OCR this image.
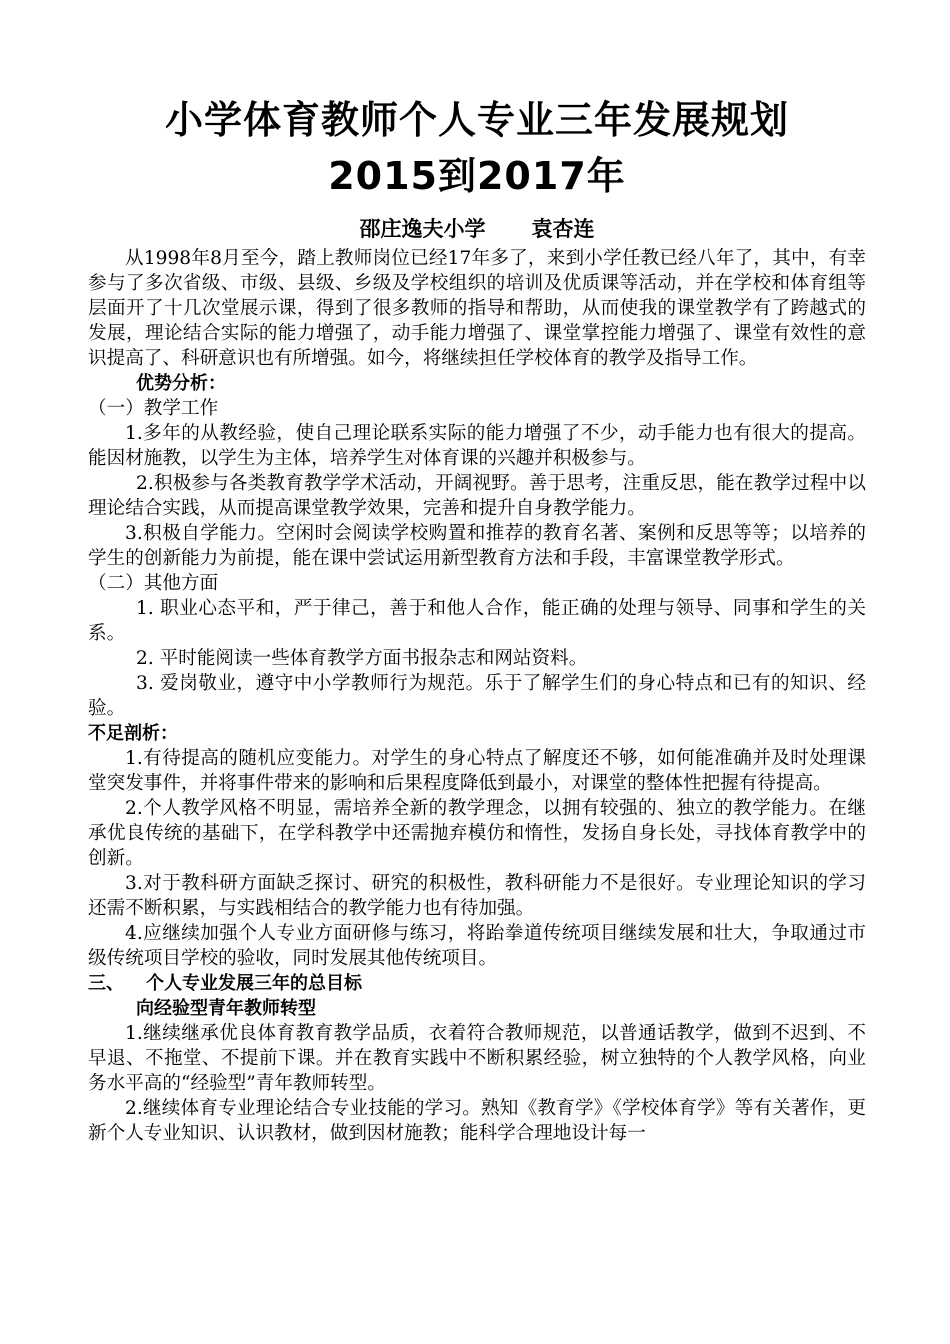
小学体育教师个人专业三年发展规划
2015到2017年
邵庄逸夫小学 袁杏连

从1998年8月至今，踏上教师岗位已经17年多了，来到小学任教已经八年了，其中，有幸参与了多次省级、市级、县级、乡级及学校组织的培训及优质课等活动，并在学校和体育组等层面开了十几次堂展示课，得到了很多教师的指导和帮助，从而使我的课堂教学有了跨越式的发展，理论结合实际的能力增强了，动手能力增强了、课堂掌控能力增强了、课堂有效性的意识提高了、科研意识也有所增强。如今，将继续担任学校体育的教学及指导工作。

优势分析：
（一）教学工作

1.多年的从教经验，使自己理论联系实际的能力增强了不少，动手能力也有很大的提高。能因材施教，以学生为主体，培养学生对体育课的兴趣并积极参与。

2.积极参与各类教育教学学术活动，开阔视野。善于思考，注重反思，能在教学过程中以理论结合实践，从而提高课堂教学效果，完善和提升自身教学能力。

3.积极自学能力。空闲时会阅读学校购置和推荐的教育名著、案例和反思等等；以培养的学生的创新能力为前提，能在课中尝试运用新型教育方法和手段，丰富课堂教学形式。

（二）其他方面

1. 职业心态平和，严于律己，善于和他人合作，能正确的处理与领导、同事和学生的关系。

2. 平时能阅读一些体育教学方面书报杂志和网站资料。

3. 爱岗敬业，遵守中小学教师行为规范。乐于了解学生们的身心特点和已有的知识、经验。

不足剖析：

1.有待提高的随机应变能力。对学生的身心特点了解度还不够，如何能准确并及时处理课堂突发事件，并将事件带来的影响和后果程度降低到最小，对课堂的整体性把握有待提高。

2.个人教学风格不明显，需培养全新的教学理念，以拥有较强的、独立的教学能力。在继承优良传统的基础下，在学科教学中还需抛弃模仿和惰性，发扬自身长处，寻找体育教学中的创新。

3.对于教科研方面缺乏探讨、研究的积极性，教科研能力不是很好。专业理论知识的学习还需不断积累，与实践相结合的教学能力也有待加强。

4.应继续加强个人专业方面研修与练习，将跆拳道传统项目继续发展和壮大，争取通过市级传统项目学校的验收，同时发展其他传统项目。

三、 个人专业发展三年的总目标
向经验型青年教师转型

1.继续继承优良体育教育教学品质，衣着符合教师规范，以普通话教学，做到不迟到、不早退、不拖堂、不提前下课。并在教育实践中不断积累经验，树立独特的个人教学风格，向业务水平高的“经验型”青年教师转型。

2.继续体育专业理论结合专业技能的学习。熟知《教育学》《学校体育学》等有关著作，更新个人专业知识、认识教材，做到因材施教；能科学合理地设计每一
